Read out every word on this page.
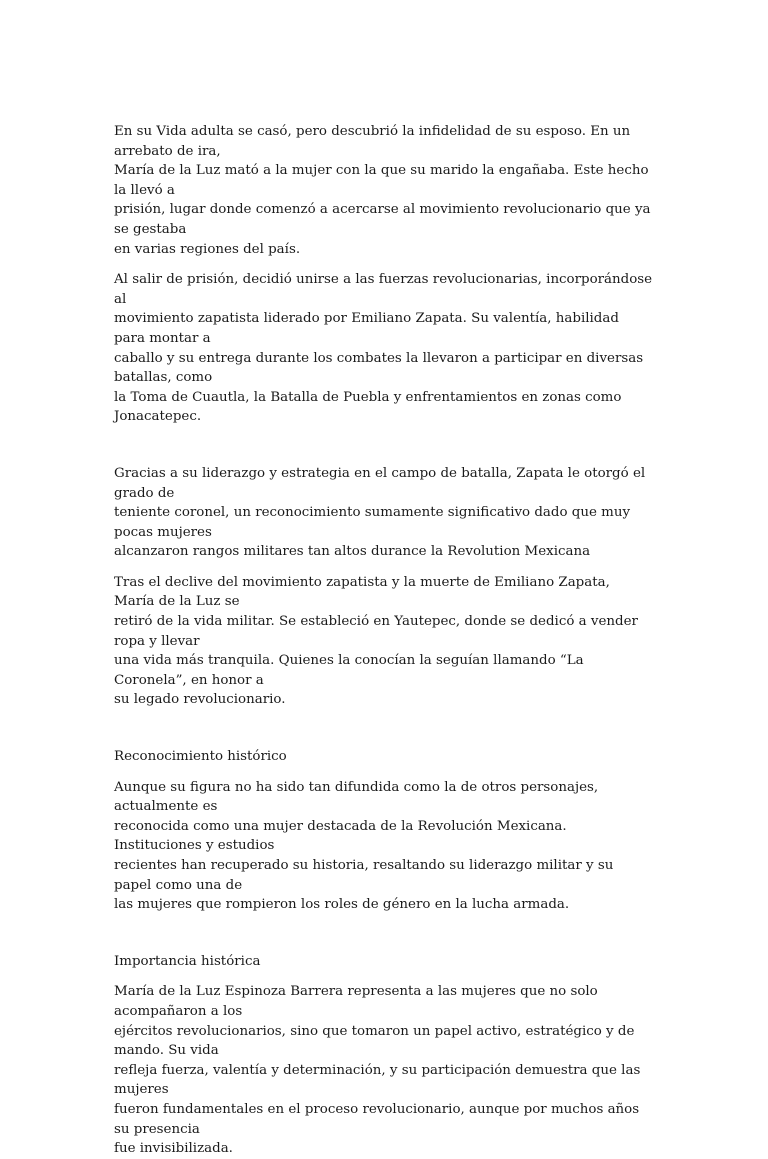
En su Vida adulta se casó, pero descubrió la infidelidad de su esposo. En un arrebato de ira,
María de la Luz mató a la mujer con la que su marido la engañaba. Este hecho la llevó a
prisión, lugar donde comenzó a acercarse al movimiento revolucionario que ya se gestaba
en varias regiones del país.

Al salir de prisión, decidió unirse a las fuerzas revolucionarias, incorporándose al
movimiento zapatista liderado por Emiliano Zapata. Su valentía, habilidad para montar a
caballo y su entrega durante los combates la llevaron a participar en diversas batallas, como
la Toma de Cuautla, la Batalla de Puebla y enfrentamientos en zonas como Jonacatepec.

Gracias a su liderazgo y estrategia en el campo de batalla, Zapata le otorgó el grado de
teniente coronel, un reconocimiento sumamente significativo dado que muy pocas mujeres
alcanzaron rangos militares tan altos durance la Revolution Mexicana

Tras el declive del movimiento zapatista y la muerte de Emiliano Zapata, María de la Luz se
retiró de la vida militar. Se estableció en Yautepec, donde se dedicó a vender ropa y llevar
una vida más tranquila. Quienes la conocían la seguían llamando “La Coronela”, en honor a
su legado revolucionario.

Reconocimiento histórico

Aunque su figura no ha sido tan difundida como la de otros personajes, actualmente es
reconocida como una mujer destacada de la Revolución Mexicana. Instituciones y estudios
recientes han recuperado su historia, resaltando su liderazgo militar y su papel como una de
las mujeres que rompieron los roles de género en la lucha armada.

Importancia histórica

María de la Luz Espinoza Barrera representa a las mujeres que no solo acompañaron a los
ejércitos revolucionarios, sino que tomaron un papel activo, estratégico y de mando. Su vida
refleja fuerza, valentía y determinación, y su participación demuestra que las mujeres
fueron fundamentales en el proceso revolucionario, aunque por muchos años su presencia
fue invisibilizada.
